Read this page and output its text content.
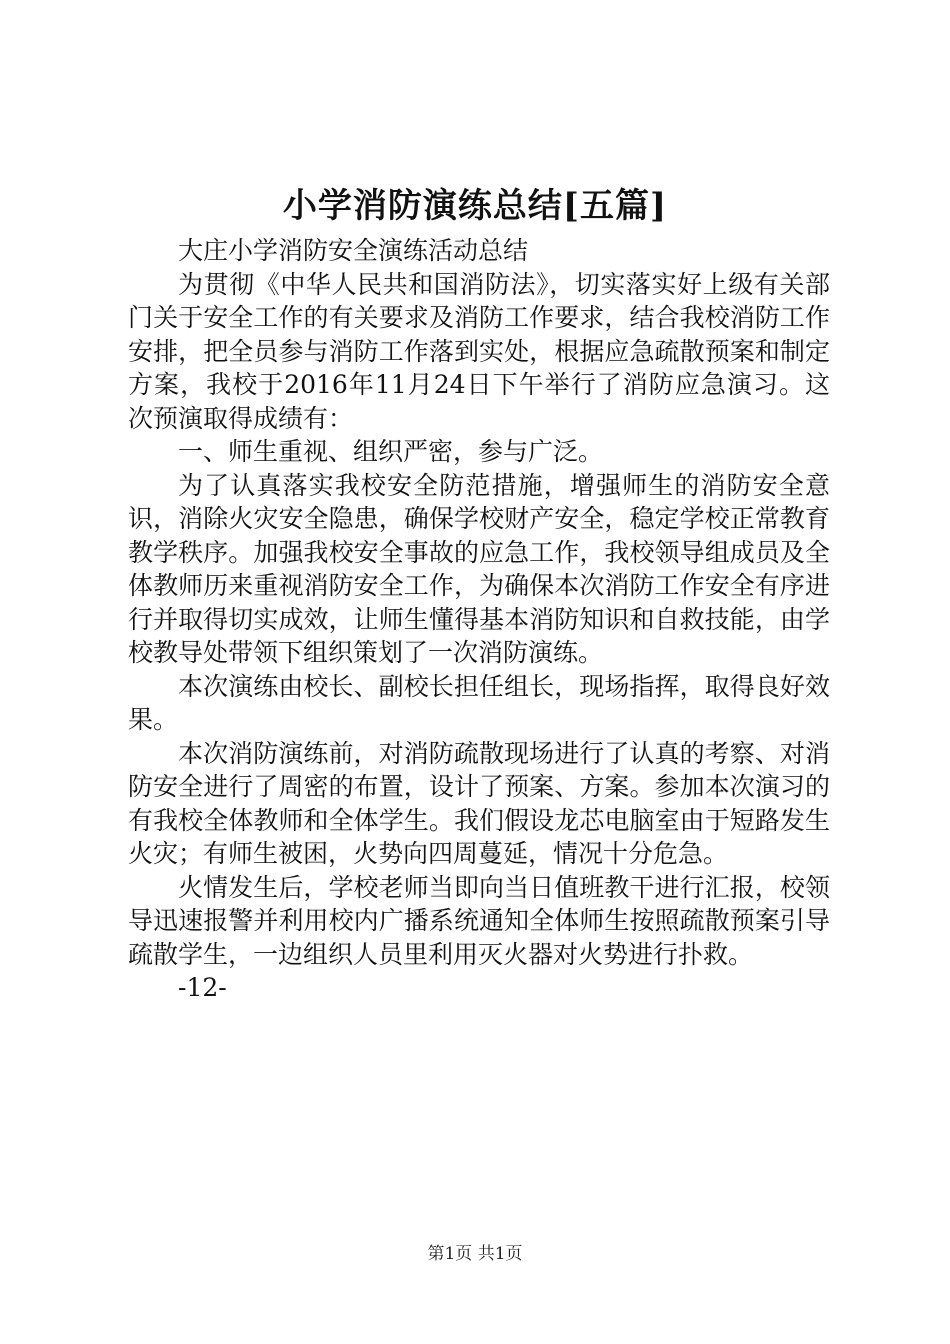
小学消防演练总结[五篇]

大庄小学消防安全演练活动总结

为贯彻《中华人民共和国消防法》，切实落实好上级有关部门关于安全工作的有关要求及消防工作要求，结合我校消防工作安排，把全员参与消防工作落到实处，根据应急疏散预案和制定方案，我校于2016年11月24日下午举行了消防应急演习。这次预演取得成绩有：

一、师生重视、组织严密，参与广泛。

为了认真落实我校安全防范措施，增强师生的消防安全意识，消除火灾安全隐患，确保学校财产安全，稳定学校正常教育教学秩序。加强我校安全事故的应急工作，我校领导组成员及全体教师历来重视消防安全工作，为确保本次消防工作安全有序进行并取得切实成效，让师生懂得基本消防知识和自救技能，由学校教导处带领下组织策划了一次消防演练。

本次演练由校长、副校长担任组长，现场指挥，取得良好效果。

本次消防演练前，对消防疏散现场进行了认真的考察、对消防安全进行了周密的布置，设计了预案、方案。参加本次演习的有我校全体教师和全体学生。我们假设龙芯电脑室由于短路发生火灾；有师生被困，火势向四周蔓延，情况十分危急。

火情发生后，学校老师当即向当日值班教干进行汇报，校领导迅速报警并利用校内广播系统通知全体师生按照疏散预案引导疏散学生，一边组织人员里利用灭火器对火势进行扑救。

-12-

第1页 共1页
